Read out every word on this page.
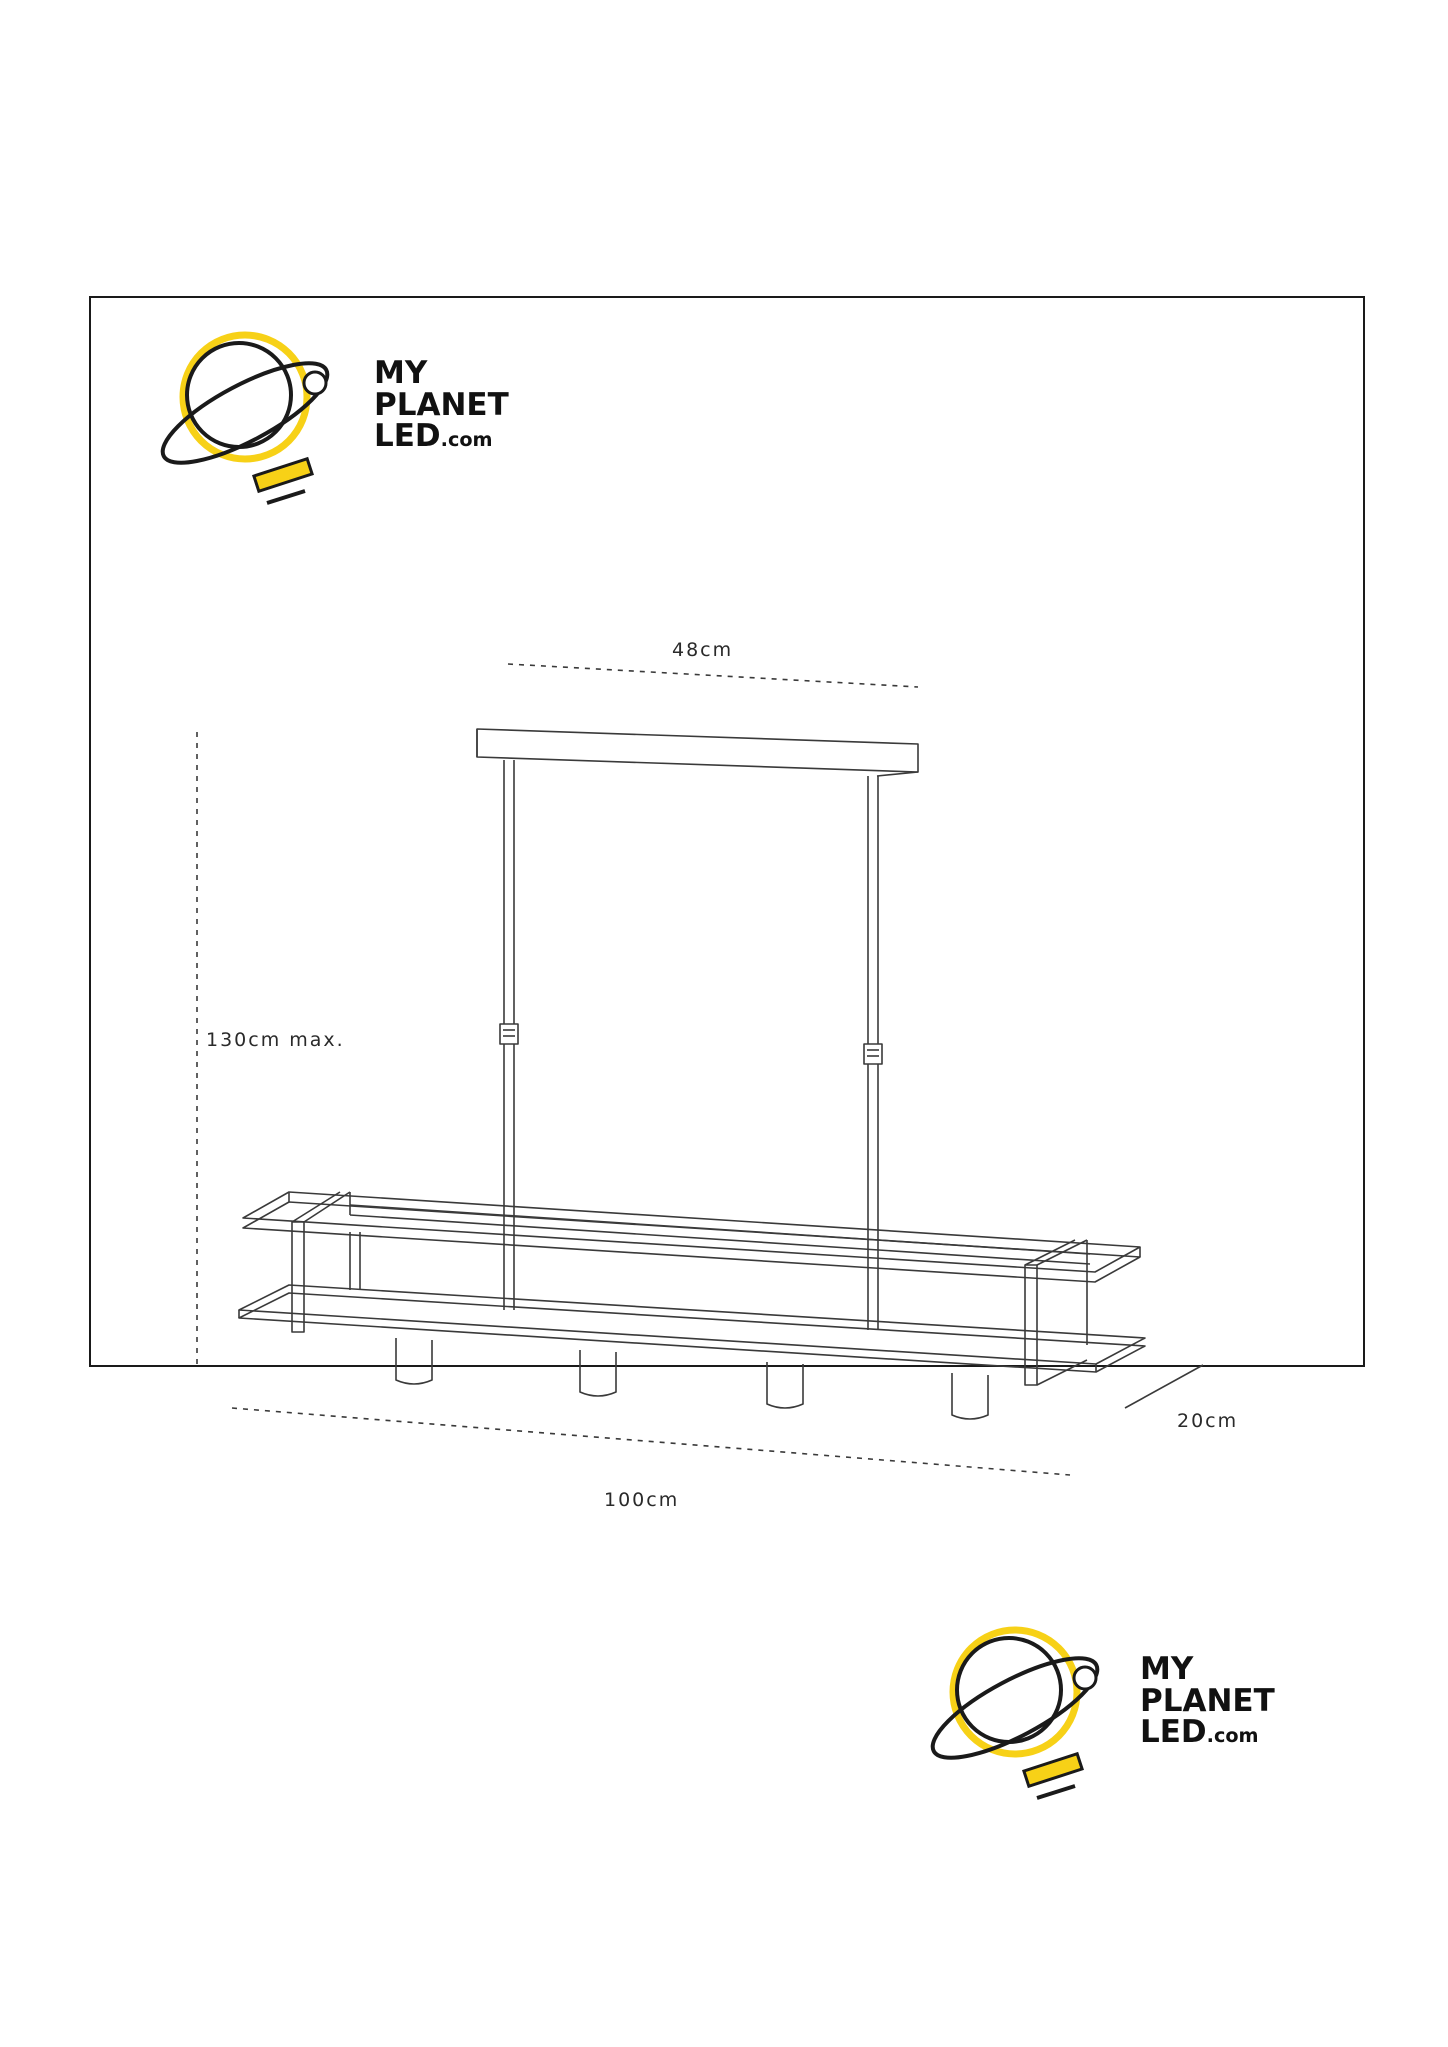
MY
PLANET
LED.com
MY
PLANET
LED.com
48cm
130cm max.
100cm
20cm
